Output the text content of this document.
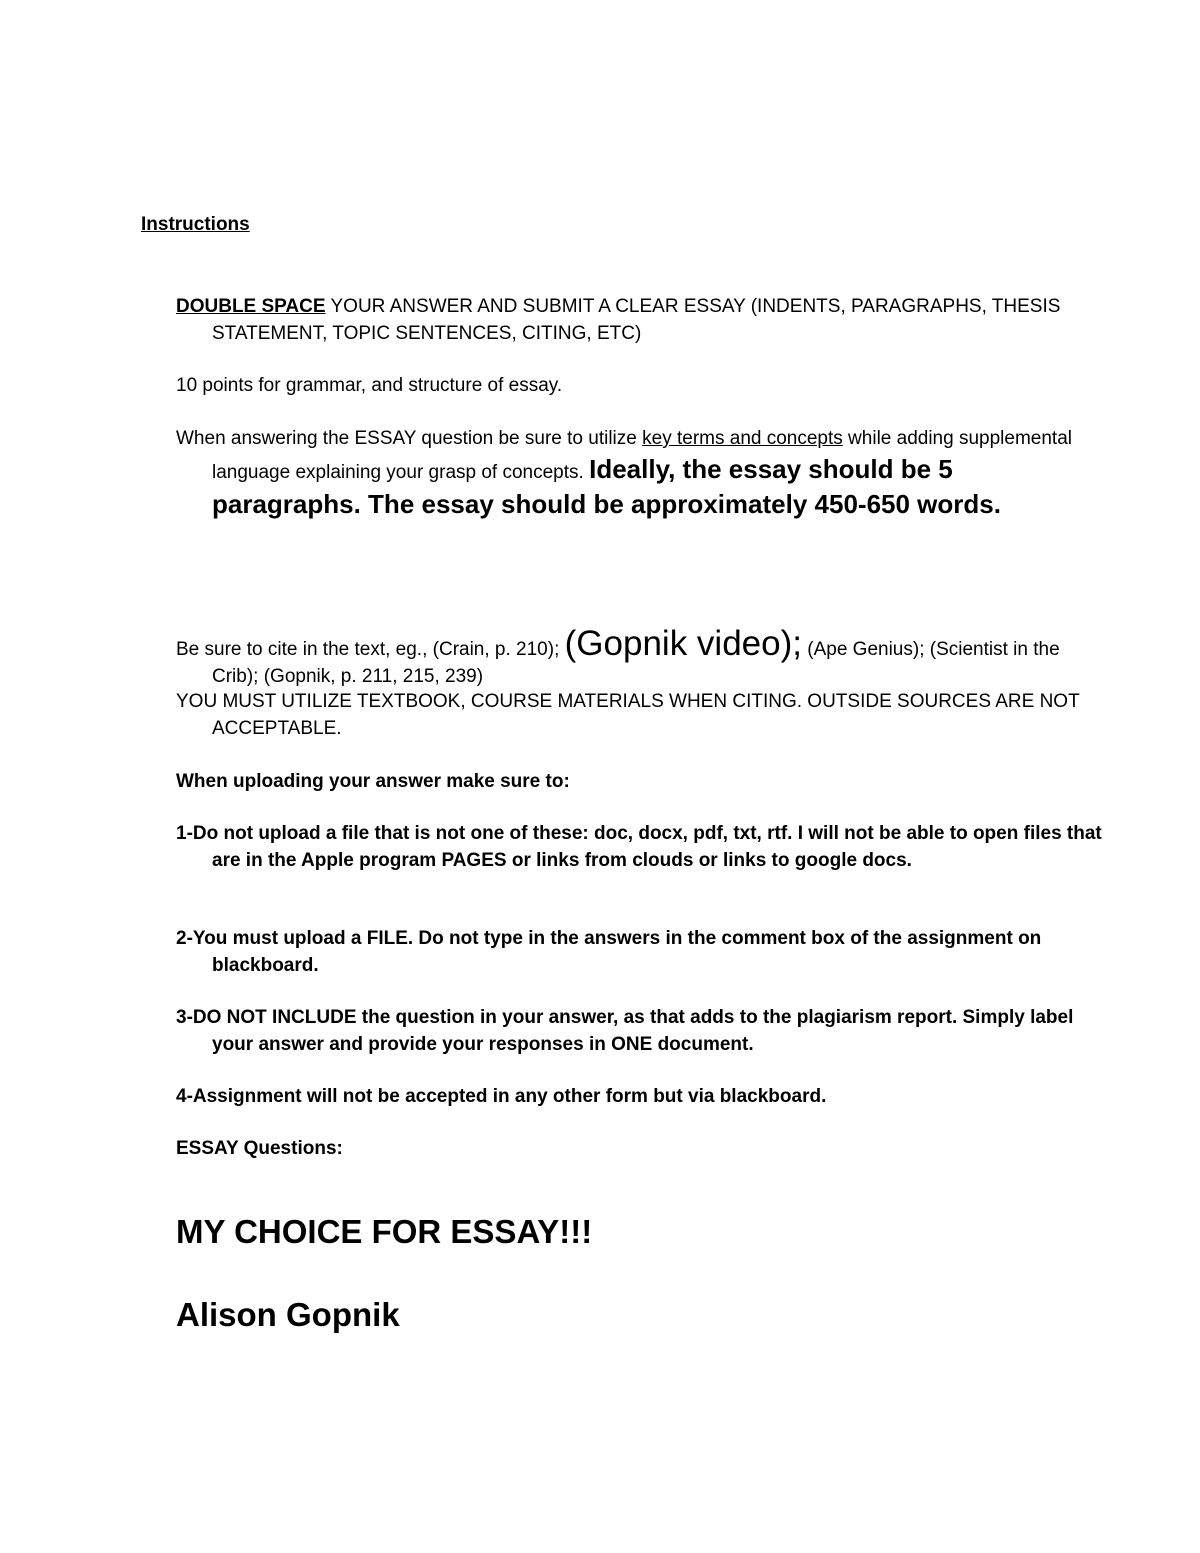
Instructions

DOUBLE SPACE YOUR ANSWER AND SUBMIT A CLEAR ESSAY (INDENTS, PARAGRAPHS, THESIS STATEMENT, TOPIC SENTENCES, CITING, ETC)

10 points for grammar, and structure of essay.

When answering the ESSAY question be sure to utilize key terms and concepts while adding supplemental language explaining your grasp of concepts. Ideally, the essay should be 5 paragraphs. The essay should be approximately 450-650 words.

Be sure to cite in the text, eg., (Crain, p. 210); (Gopnik video); (Ape Genius); (Scientist in the Crib); (Gopnik, p. 211, 215, 239)

YOU MUST UTILIZE TEXTBOOK, COURSE MATERIALS WHEN CITING. OUTSIDE SOURCES ARE NOT ACCEPTABLE.

When uploading your answer make sure to:

1-Do not upload a file that is not one of these: doc, docx, pdf, txt, rtf. I will not be able to open files that are in the Apple program PAGES or links from clouds or links to google docs.

2-You must upload a FILE. Do not type in the answers in the comment box of the assignment on blackboard.

3-DO NOT INCLUDE the question in your answer, as that adds to the plagiarism report. Simply label your answer and provide your responses in ONE document.

4-Assignment will not be accepted in any other form but via blackboard.

ESSAY Questions:

MY CHOICE FOR ESSAY!!!
Alison Gopnik
